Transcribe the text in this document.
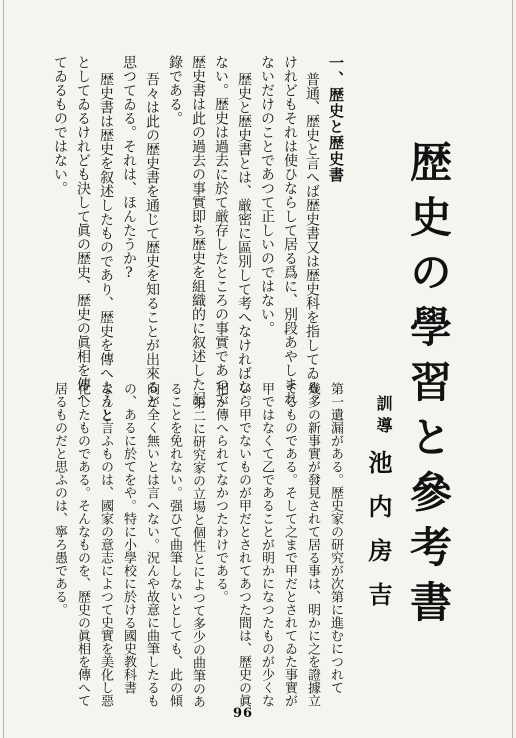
歴史の學習と參考書
訓導
池内房吉
一、歴史と歴史書
普通、歴史と言へば歴史書又は歴史科を指してゐる。
けれどもそれは使ひならして居る爲に、別段あやしまれ
ないだけのことであつて正しいのではない。
歴史と歴史書とは、厳密に區別して考へなければなら
ない。歴史は過去に於て厳存したところの事實であつて
歴史書は此の過去の事實即ち歴史を組織的に叙述した記
錄である。
吾々は此の歴史書を通じて歴史を知ることが出來ると
思つてゐる。それは、ほんたうか?
歴史書は歴史を叙述したものであり、歴史を傳へようと
としてゐるけれども決して眞の歴史、歴史の眞相を傳へ
てゐるものではない。
第一遺漏がある。歴史家の研究が次第に進むにつれて
幾多の新事實が發見されて居る事は、明かに之を證據立
てるものである。そして之まで甲だとされてゐた事實が
甲ではなくて乙であることが明かになつたものが少くな
い。甲でないものが甲だとされてあつた間は、歴史の眞
相が傳へられてなかつたわけである。
第二に研究家の立場と個性とによつて多少の曲筆のあ
ることを免れない。强ひて曲筆しないとしても、此の傾
向が全く無いとは言へない。況んや故意に曲筆したるも
の、あるに於てをや。特に小學校に於ける國史教科書
なんと言ふものは、國家の意志によつて史實を美化し惡
化したものである。そんなものを、歴史の眞相を傳へて
居るものだと思ふのは、寧ろ愚である。
96
